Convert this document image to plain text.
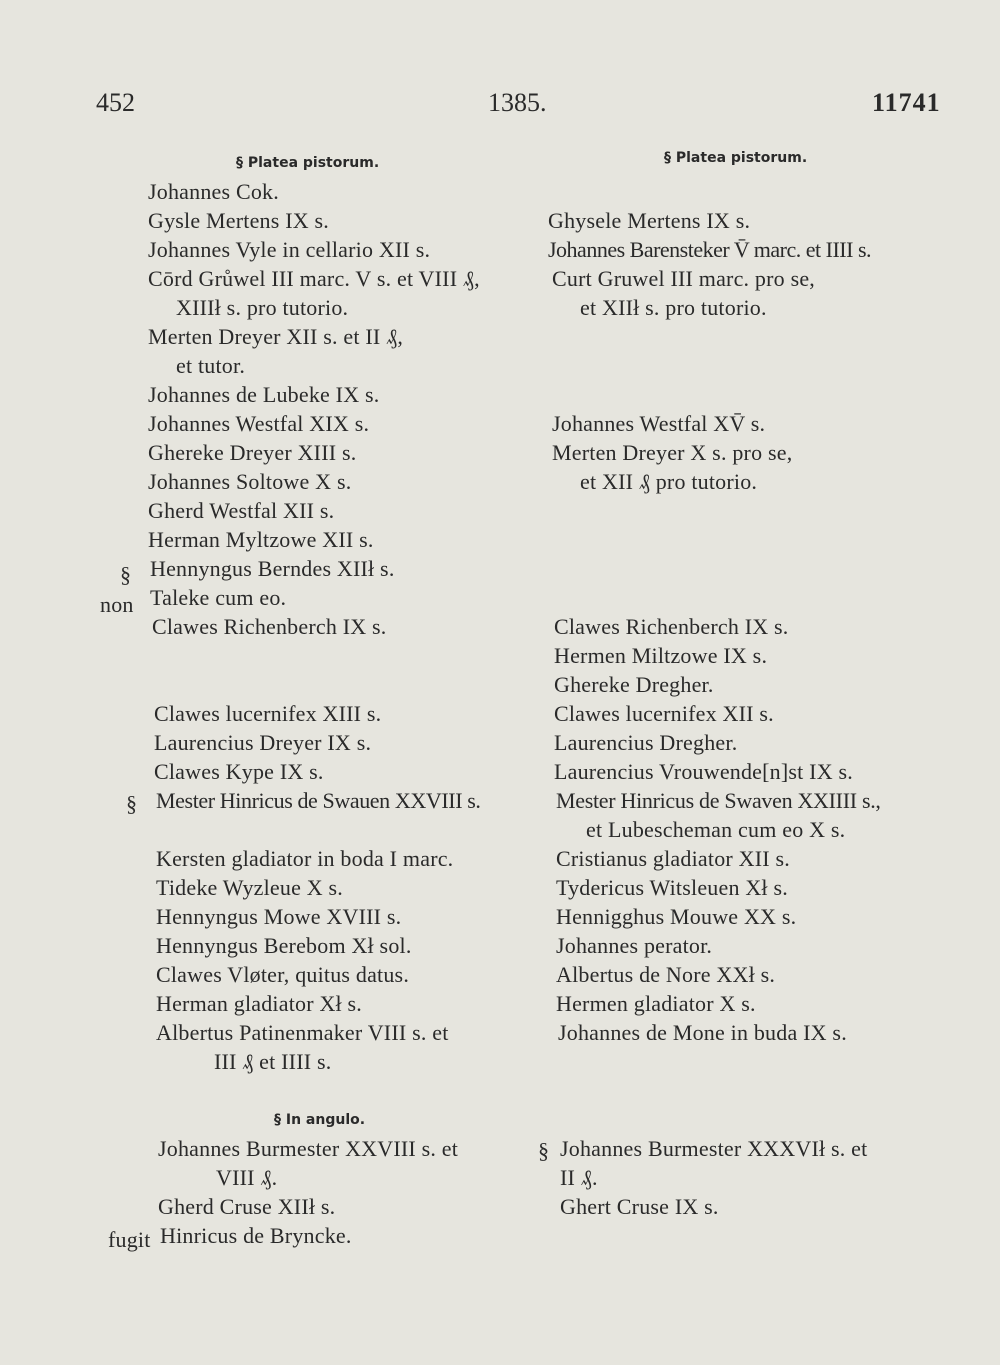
452	1385.	11741
§ Platea pistorum.	§ Platea pistorum.
§ In angulo.
§
non
§
fugit
§
Johannes Cok.
Gysle Mertens IX s.
Johannes Vyle in cellario XII s.
Cōrd Grůwel III marc. V s. et VIII ₰,
XIIIł s. pro tutorio.
Merten Dreyer XII s. et II ₰,
et tutor.
Johannes de Lubeke IX s.
Johannes Westfal XIX s.
Ghereke Dreyer XIII s.
Johannes Soltowe X s.
Gherd Westfal XII s.
Herman Myltzowe XII s.
Hennyngus Berndes XIIł s.
Taleke cum eo.
Clawes Richenberch IX s.
Clawes lucernifex XIII s.
Laurencius Dreyer IX s.
Clawes Kype IX s.
Mester Hinricus de Swauen XXVIII s.
Kersten gladiator in boda I marc.
Tideke Wyzleue X s.
Hennyngus Mowe XVIII s.
Hennyngus Berebom Xł sol.
Clawes Vløter, quitus datus.
Herman gladiator Xł s.
Albertus Patinenmaker VIII s. et
III ₰ et IIII s.
Johannes Burmester XXVIII s. et
VIII ₰.
Gherd Cruse XIIł s.
Hinricus de Bryncke.
Ghysele Mertens IX s.
Johannes Barensteker V̄ marc. et IIII s.
Curt Gruwel III marc. pro se,
et XIIł s. pro tutorio.
Johannes Westfal XV̄ s.
Merten Dreyer X s. pro se,
et XII ₰ pro tutorio.
Clawes Richenberch IX s.
Hermen Miltzowe IX s.
Ghereke Dregher.
Clawes lucernifex XII s.
Laurencius Dregher.
Laurencius Vrouwende[n]st IX s.
Mester Hinricus de Swaven XXIIII s.,
et Lubescheman cum eo X s.
Cristianus gladiator XII s.
Tydericus Witsleuen Xł s.
Hennigghus Mouwe XX s.
Johannes perator.
Albertus de Nore XXł s.
Hermen gladiator X s.
Johannes de Mone in buda IX s.
Johannes Burmester XXXVIł s. et
II ₰.
Ghert Cruse IX s.
